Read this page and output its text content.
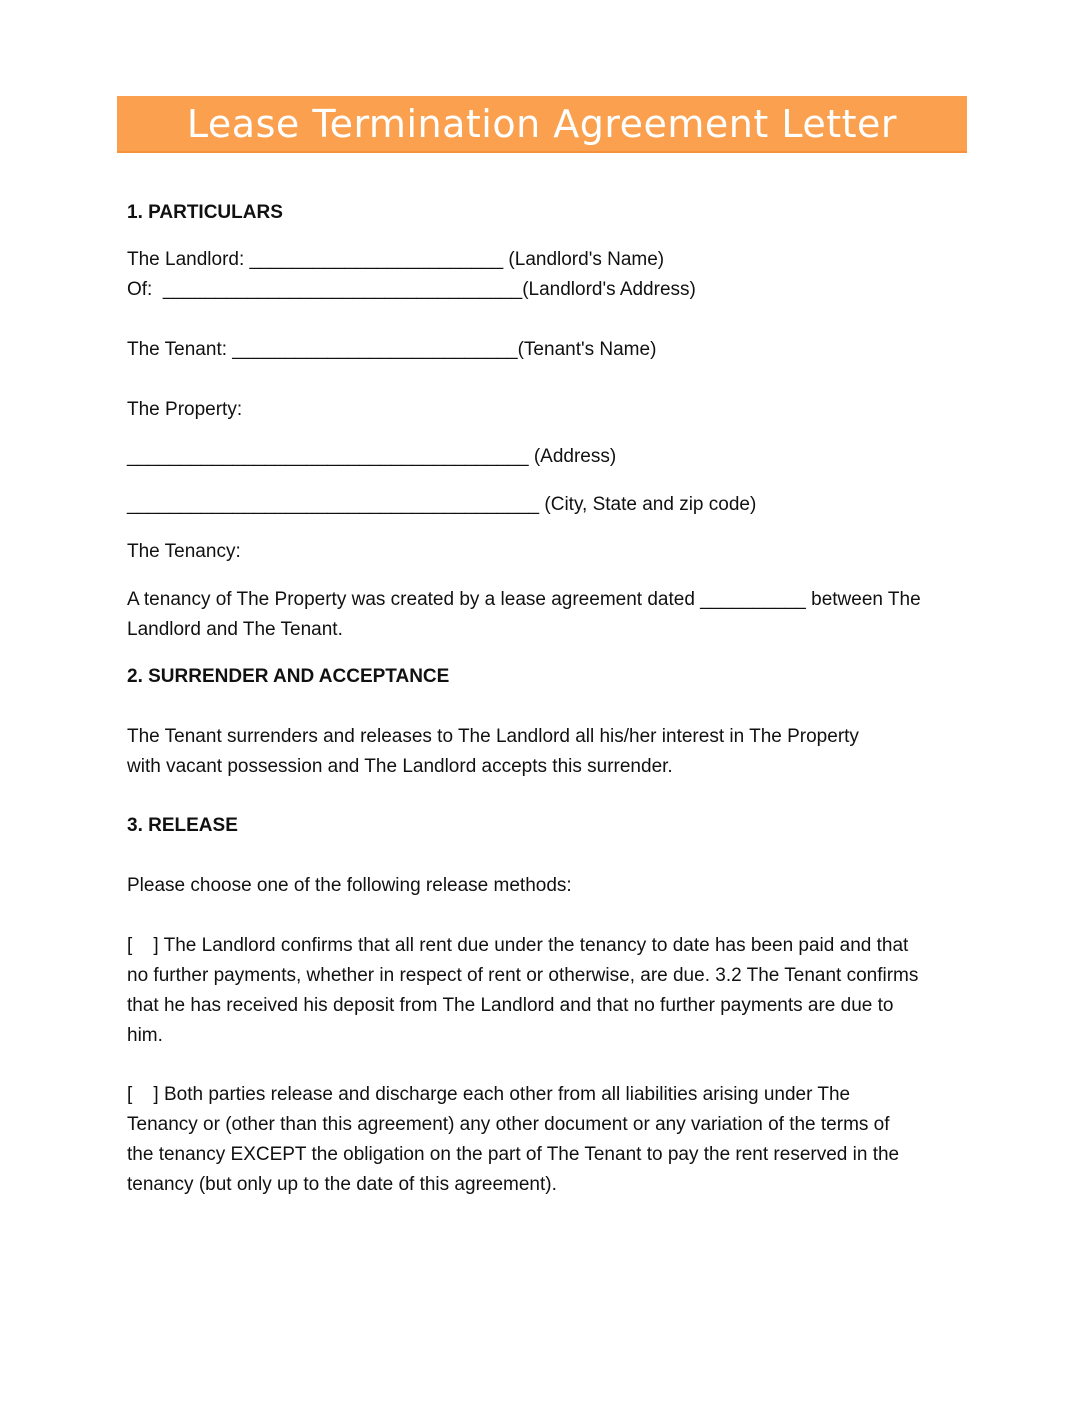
Lease Termination Agreement Letter
1. PARTICULARS
The Landlord: ________________________ (Landlord's Name)
Of: __________________________________(Landlord's Address)
The Tenant: ___________________________(Tenant's Name)
The Property:
______________________________________ (Address)
_______________________________________ (City, State and zip code)
The Tenancy:
A tenancy of The Property was created by a lease agreement dated __________ between The Landlord and The Tenant.
2. SURRENDER AND ACCEPTANCE
The Tenant surrenders and releases to The Landlord all his/her interest in The Property with vacant possession and The Landlord accepts this surrender.
3. RELEASE
Please choose one of the following release methods:
[    ] The Landlord confirms that all rent due under the tenancy to date has been paid and that no further payments, whether in respect of rent or otherwise, are due. 3.2 The Tenant confirms that he has received his deposit from The Landlord and that no further payments are due to him.
[    ] Both parties release and discharge each other from all liabilities arising under The Tenancy or (other than this agreement) any other document or any variation of the terms of the tenancy EXCEPT the obligation on the part of The Tenant to pay the rent reserved in the tenancy (but only up to the date of this agreement).
